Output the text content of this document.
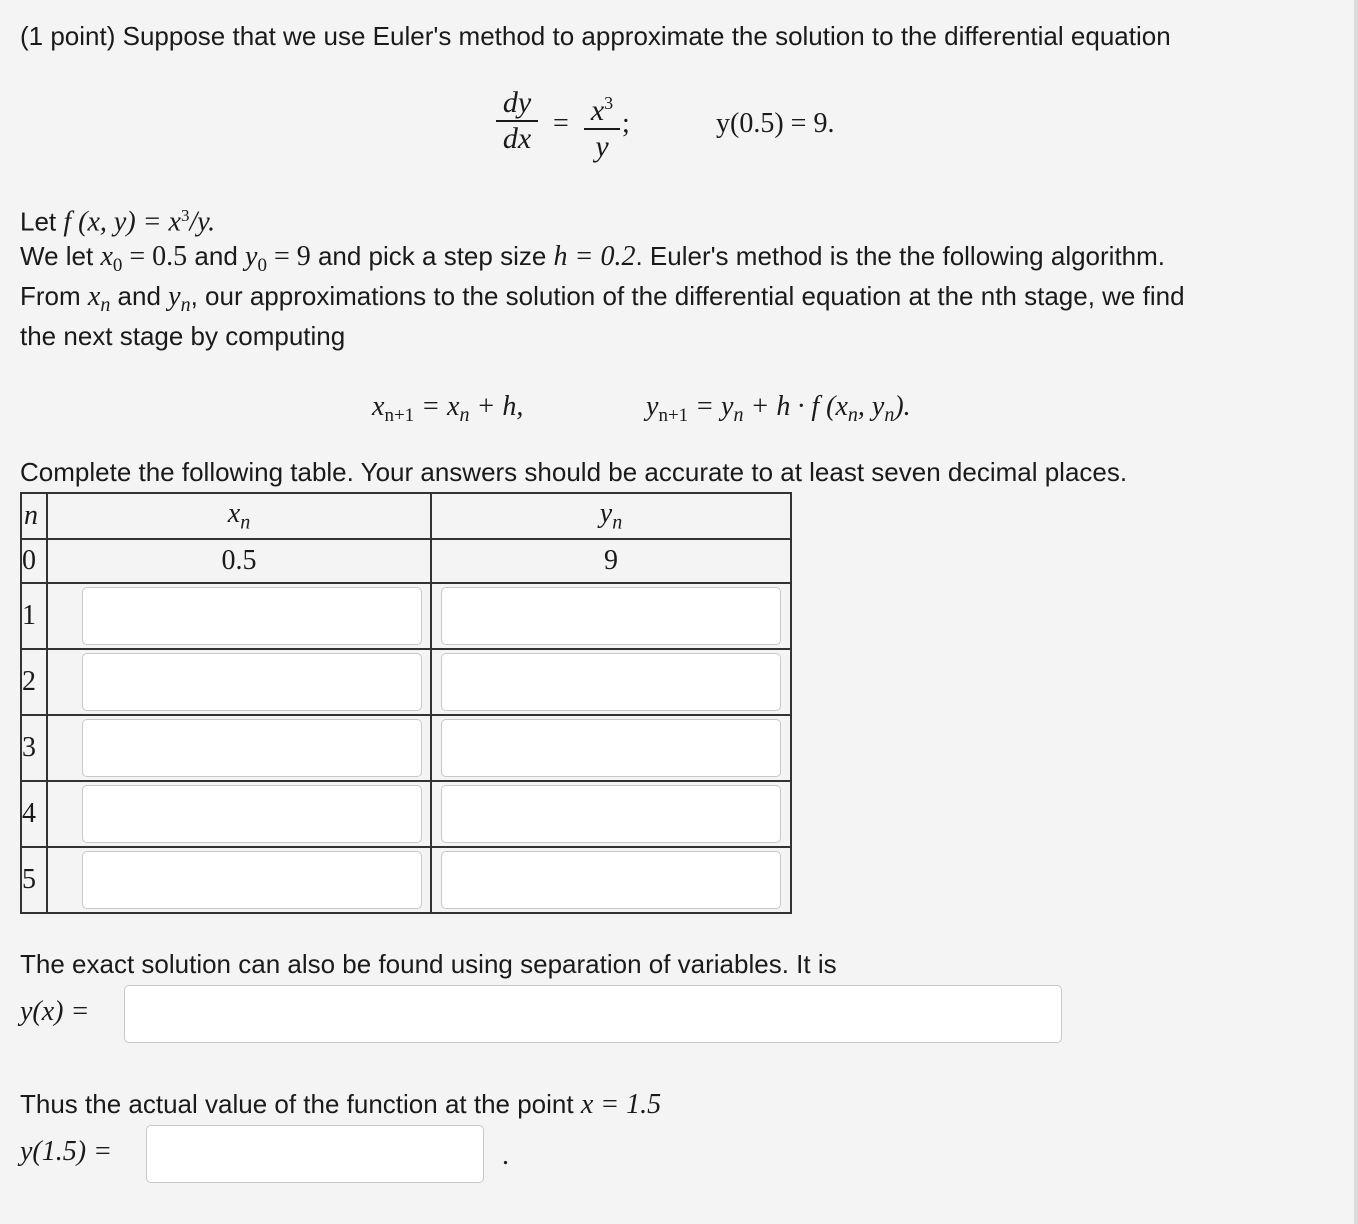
(1 point) Suppose that we use Euler's method to approximate the solution to the differential equation
dy
dx = $x^3$
y
;	y(0.5) = 9.
Let f (x, $y) = x^3/y$.
We let $x_0 = 0.5$ and $y_0 = 9$ and pick a step size h = 0.2. Euler's method is the the following algorithm.
From $x_n$ and $y_n$, our approximations to the solution of the differential equation at the nth stage, we find
the next stage by computing
$x_{n+1} = x_n + h$,	$y_{n+1} = y_n + h \cdot f$ ($x_n$, $y_n$).
Complete the following table. Your answers should be accurate to at least seven decimal places.
n	$x_n$	$y_n$
0	0.5	9
1	

2	

3	

4	

5	

The exact solution can also be found using separation of variables. It is
y(x) =
Thus the actual value of the function at the point x = 1.5
y(1.5) =	.
